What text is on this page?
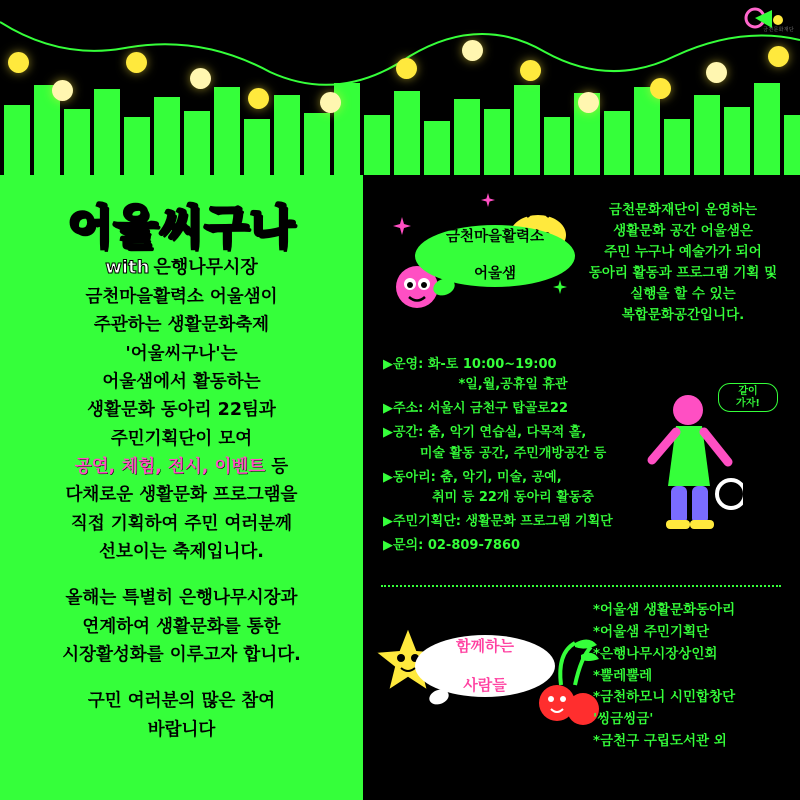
금천문화재단
어울씨구나
with 은행나무시장

금천마을활력소 어울샘이

주관하는 생활문화축제

'어울씨구나'는

어울샘에서 활동하는

생활문화 동아리 22팀과

주민기획단이 모여

공연, 체험, 전시, 이벤트 등

다채로운 생활문화 프로그램을

직접 기획하여 주민 여러분께

선보이는 축제입니다.

올해는 특별히 은행나무시장과

연계하여 생활문화를 통한

시장활성화를 이루고자 합니다.

구민 여러분의 많은 참여

바랍니다

금천마을활력소

어울샘
금천문화재단이 운영하는
생활문화 공간 어울샘은
주민 누구나 예술가가 되어
동아리 활동과 프로그램 기획 및
실행을 할 수 있는
복합문화공간입니다.
▶운영: 화-토 10:00~19:00
*일,월,공휴일 휴관
▶주소: 서울시 금천구 탑골로22
▶공간: 춤, 악기 연습실, 다목적 홀,
미술 활동 공간, 주민개방공간 등
▶동아리: 춤, 악기, 미술, 공예,
취미 등 22개 동아리 활동중
▶주민기획단: 생활문화 프로그램 기획단
▶문의: 02-809-7860
같이
가자!
함께하는

사람들
*어울샘 생활문화동아리
*어울샘 주민기획단
*은행나무시장상인회
*뿔레뿔레
*금천하모니 시민합창단
'씽금씽금'
*금천구 구립도서관 외
